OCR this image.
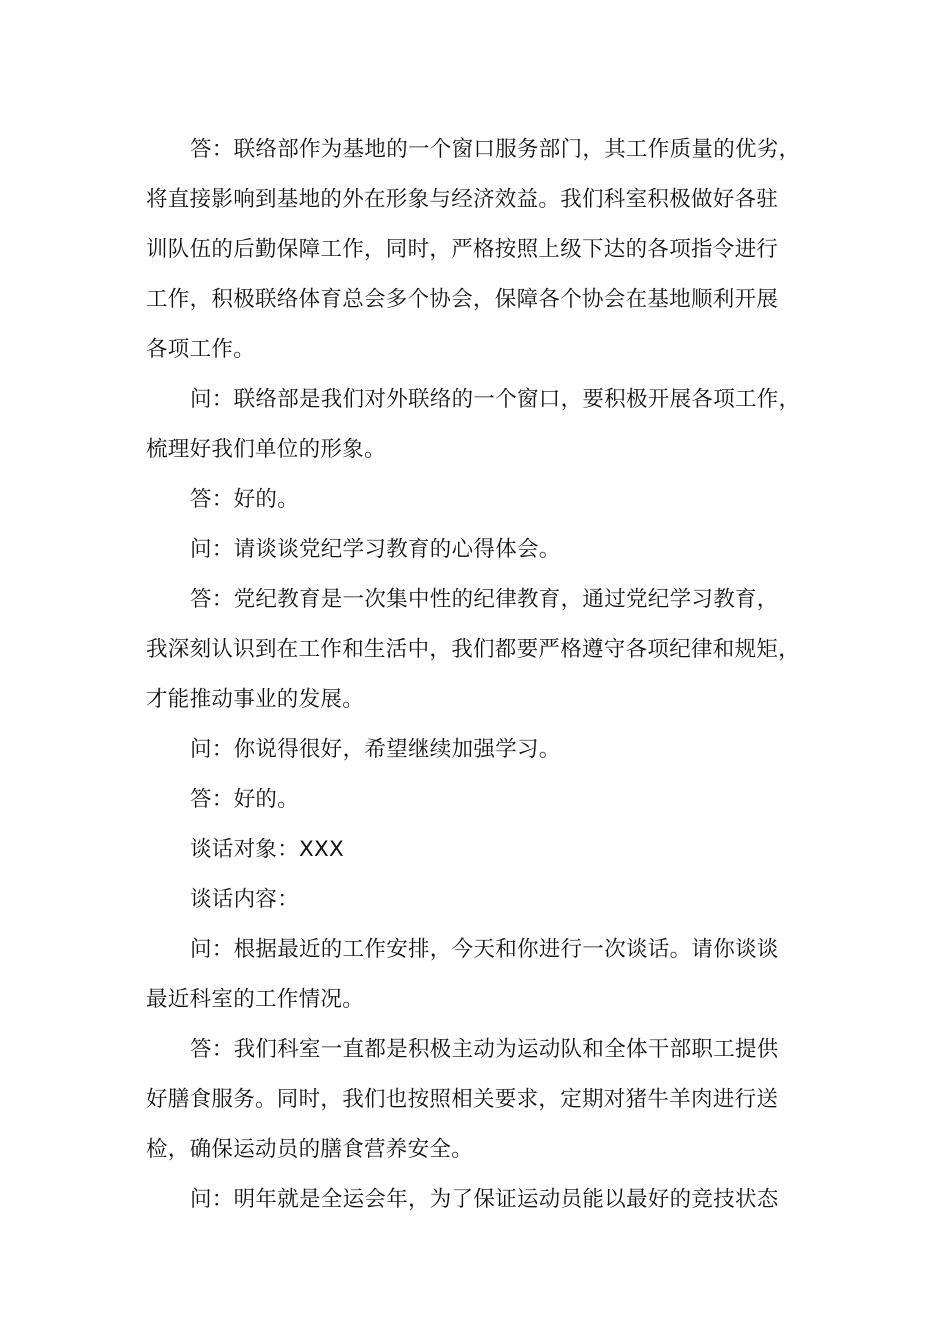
答：联络部作为基地的一个窗口服务部门，其工作质量的优劣，
将直接影响到基地的外在形象与经济效益。我们科室积极做好各驻
训队伍的后勤保障工作，同时，严格按照上级下达的各项指令进行
工作，积极联络体育总会多个协会，保障各个协会在基地顺利开展
各项工作。
问：联络部是我们对外联络的一个窗口，要积极开展各项工作，
梳理好我们单位的形象。
答：好的。
问：请谈谈党纪学习教育的心得体会。
答：党纪教育是一次集中性的纪律教育，通过党纪学习教育，
我深刻认识到在工作和生活中，我们都要严格遵守各项纪律和规矩，
才能推动事业的发展。
问：你说得很好，希望继续加强学习。
答：好的。
谈话对象：XXX
谈话内容：
问：根据最近的工作安排，今天和你进行一次谈话。请你谈谈
最近科室的工作情况。
答：我们科室一直都是积极主动为运动队和全体干部职工提供
好膳食服务。同时，我们也按照相关要求，定期对猪牛羊肉进行送
检，确保运动员的膳食营养安全。
问：明年就是全运会年，为了保证运动员能以最好的竞技状态
